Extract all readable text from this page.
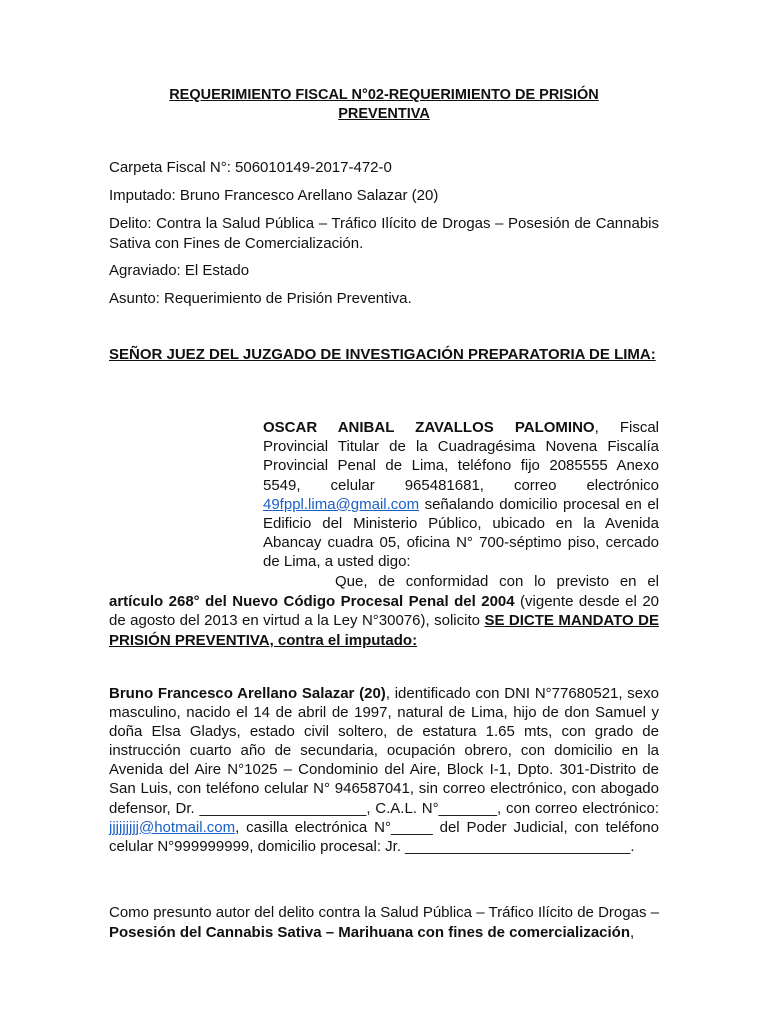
REQUERIMIENTO FISCAL N°02-REQUERIMIENTO DE PRISIÓN
PREVENTIVA

Carpeta Fiscal N°: 506010149-2017-472-0

Imputado: Bruno Francesco Arellano Salazar (20)

Delito: Contra la Salud Pública – Tráfico Ilícito de Drogas – Posesión de Cannabis Sativa con Fines de Comercialización.

Agraviado: El Estado

Asunto: Requerimiento de Prisión Preventiva.

SEÑOR JUEZ DEL JUZGADO DE INVESTIGACIÓN PREPARATORIA DE LIMA:
OSCAR ANIBAL ZAVALLOS PALOMINO, Fiscal Provincial Titular de la Cuadragésima Novena Fiscalía Provincial Penal de Lima, teléfono fijo 2085555 Anexo 5549, celular 965481681, correo electrónico 49fppl.lima@gmail.com señalando domicilio procesal en el Edificio del Ministerio Público, ubicado en la Avenida Abancay cuadra 05, oficina N° 700-séptimo piso, cercado de Lima, a usted digo:
Que, de conformidad con lo previsto en el artículo 268° del Nuevo Código Procesal Penal del 2004 (vigente desde el 20 de agosto del 2013 en virtud a la Ley N°30076), solicito SE DICTE MANDATO DE PRISIÓN PREVENTIVA, contra el imputado:
Bruno Francesco Arellano Salazar (20), identificado con DNI N°77680521, sexo masculino, nacido el 14 de abril de 1997, natural de Lima, hijo de don Samuel y doña Elsa Gladys, estado civil soltero, de estatura 1.65 mts, con grado de instrucción cuarto año de secundaria, ocupación obrero, con domicilio en la Avenida del Aire N°1025 – Condominio del Aire, Block I-1, Dpto. 301-Distrito de San Luis, con teléfono celular N° 946587041, sin correo electrónico, con abogado defensor, Dr. ____________________, C.A.L. N°_______, con correo electrónico: jjjjjjjjj@hotmail.com, casilla electrónica N°_____ del Poder Judicial, con teléfono celular N°999999999, domicilio procesal: Jr. ___________________________.
Como presunto autor del delito contra la Salud Pública – Tráfico Ilícito de Drogas – Posesión del Cannabis Sativa – Marihuana con fines de comercialización,
